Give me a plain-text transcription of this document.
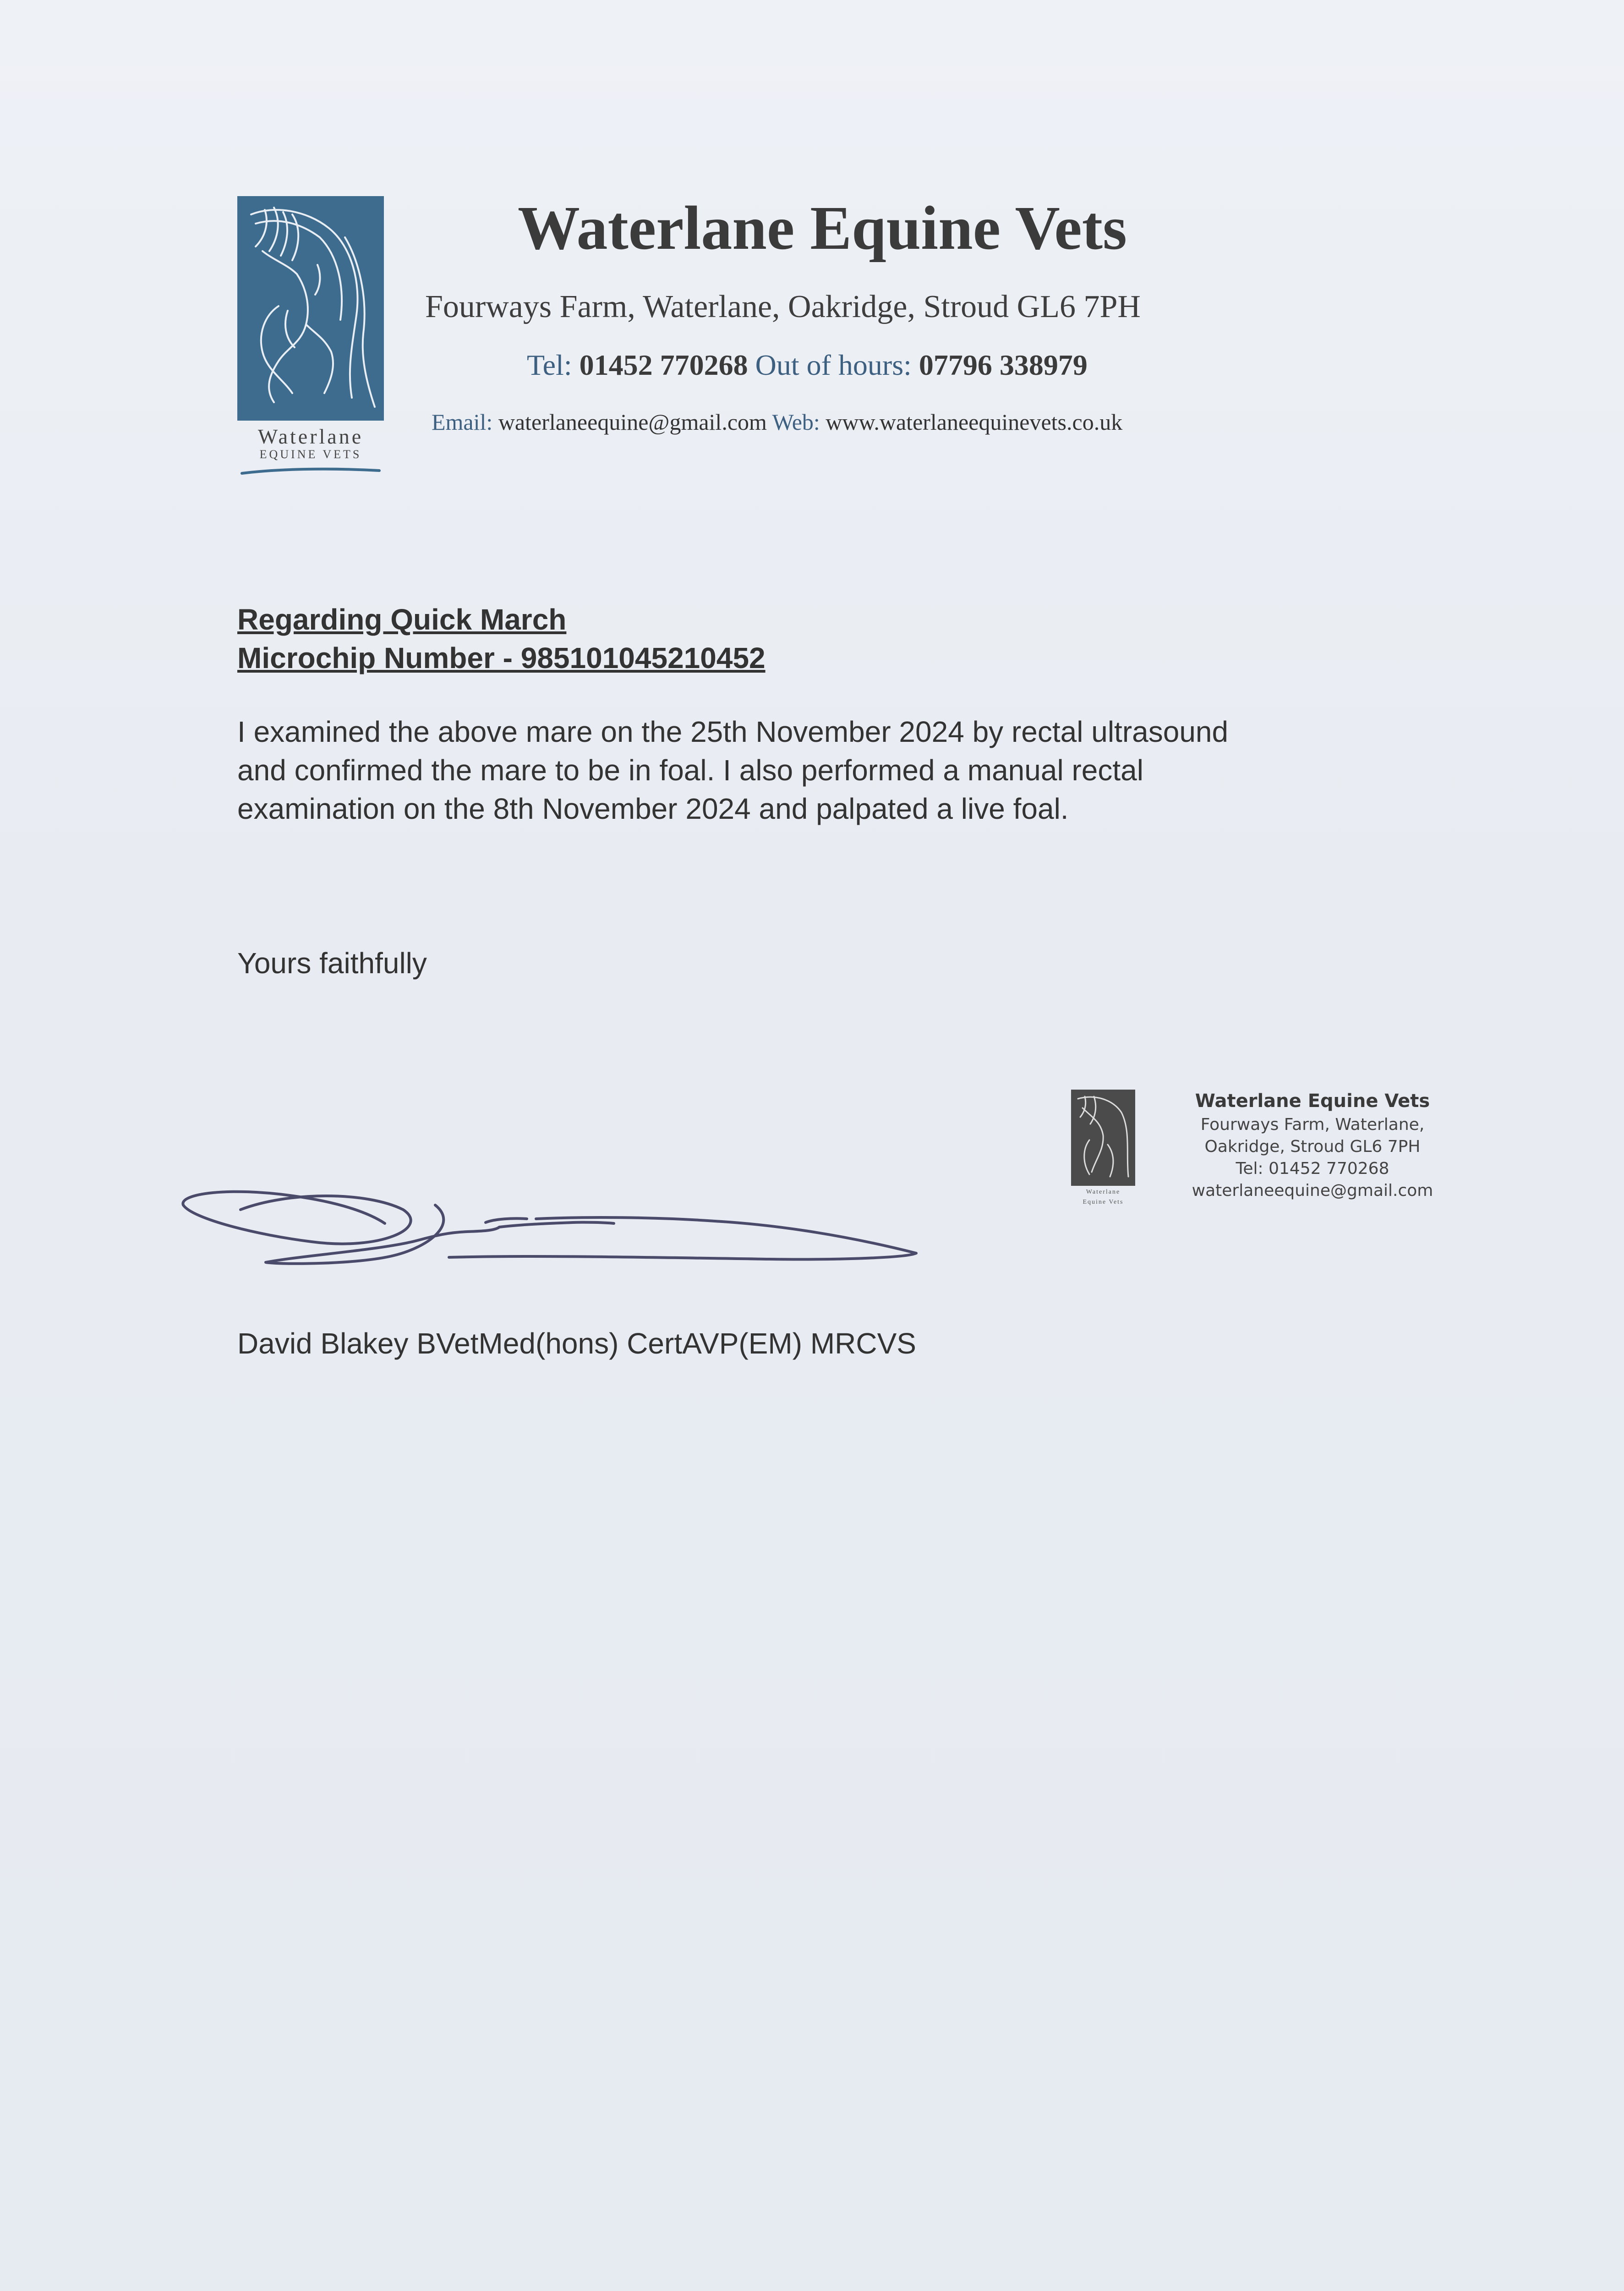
Waterlane
EQUINE VETS
Waterlane Equine Vets
Fourways Farm, Waterlane, Oakridge, Stroud GL6 7PH
Tel: 01452 770268 Out of hours: 07796 338979
Email: waterlaneequine@gmail.com Web: www.waterlaneequinevets.co.uk
Regarding Quick March
Microchip Number - 985101045210452
I examined the above mare on the 25th November 2024 by rectal ultrasound
and confirmed the mare to be in foal. I also performed a manual rectal
examination on the 8th November 2024 and palpated a live foal.
Yours faithfully
David Blakey BVetMed(hons) CertAVP(EM) MRCVS
Waterlane
Equine Vets
Waterlane Equine Vets
Fourways Farm, Waterlane,
Oakridge, Stroud GL6 7PH
Tel: 01452 770268
waterlaneequine@gmail.com
